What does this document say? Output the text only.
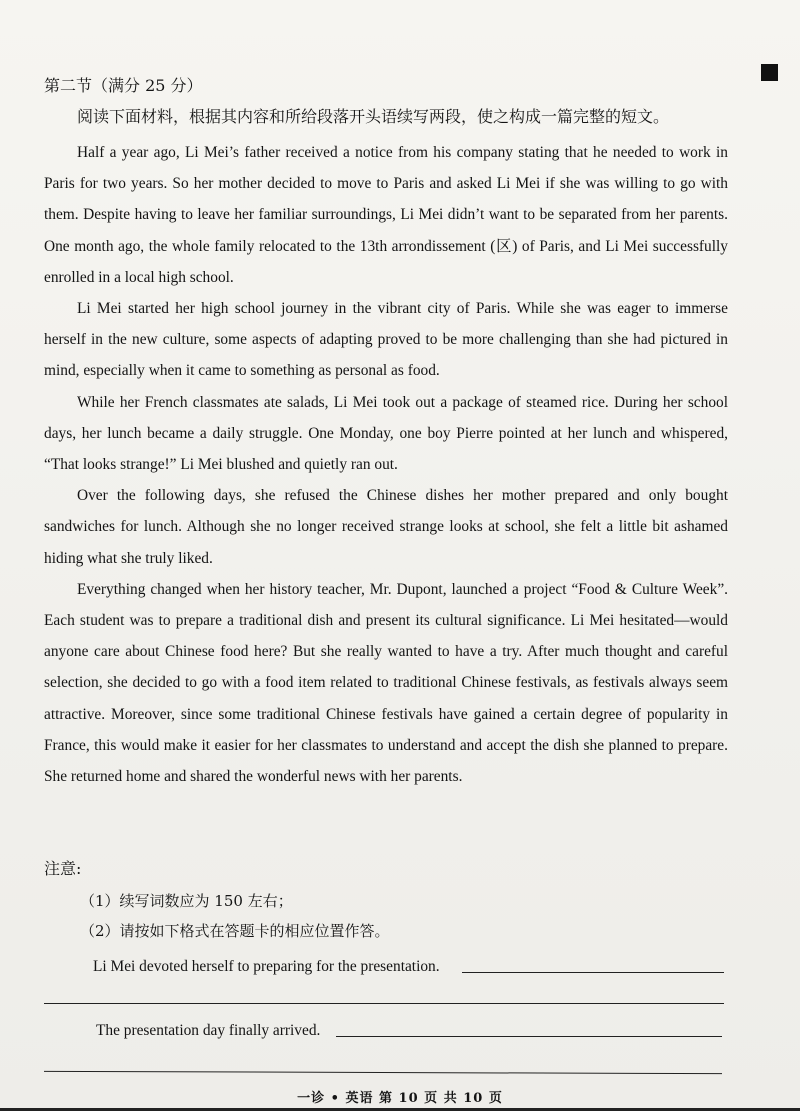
第二节（满分 25 分）
阅读下面材料，根据其内容和所给段落开头语续写两段，使之构成一篇完整的短文。

Half a year ago, Li Mei’s father received a notice from his company stating that he needed to work in Paris for two years. So her mother decided to move to Paris and asked Li Mei if she was willing to go with them. Despite having to leave her familiar surroundings, Li Mei didn’t want to be separated from her parents. One month ago, the whole family relocated to the 13th arrondissement (区) of Paris, and Li Mei successfully enrolled in a local high school.

Li Mei started her high school journey in the vibrant city of Paris. While she was eager to immerse herself in the new culture, some aspects of adapting proved to be more challenging than she had pictured in mind, especially when it came to something as personal as food.

While her French classmates ate salads, Li Mei took out a package of steamed rice. During her school days, her lunch became a daily struggle. One Monday, one boy Pierre pointed at her lunch and whispered, “That looks strange!” Li Mei blushed and quietly ran out.

Over the following days, she refused the Chinese dishes her mother prepared and only bought sandwiches for lunch. Although she no longer received strange looks at school, she felt a little bit ashamed hiding what she truly liked.

Everything changed when her history teacher, Mr. Dupont, launched a project “Food & Culture Week”. Each student was to prepare a traditional dish and present its cultural significance. Li Mei hesitated—would anyone care about Chinese food here? But she really wanted to have a try. After much thought and careful selection, she decided to go with a food item related to traditional Chinese festivals, as festivals always seem attractive. Moreover, since some traditional Chinese festivals have gained a certain degree of popularity in France, this would make it easier for her classmates to understand and accept the dish she planned to prepare. She returned home and shared the wonderful news with her parents.

注意:
（1）续写词数应为 150 左右；
（2）请按如下格式在答题卡的相应位置作答。
Li Mei devoted herself to preparing for the presentation.
The presentation day finally arrived.
一诊 • 英语 第 10 页 共 10 页
